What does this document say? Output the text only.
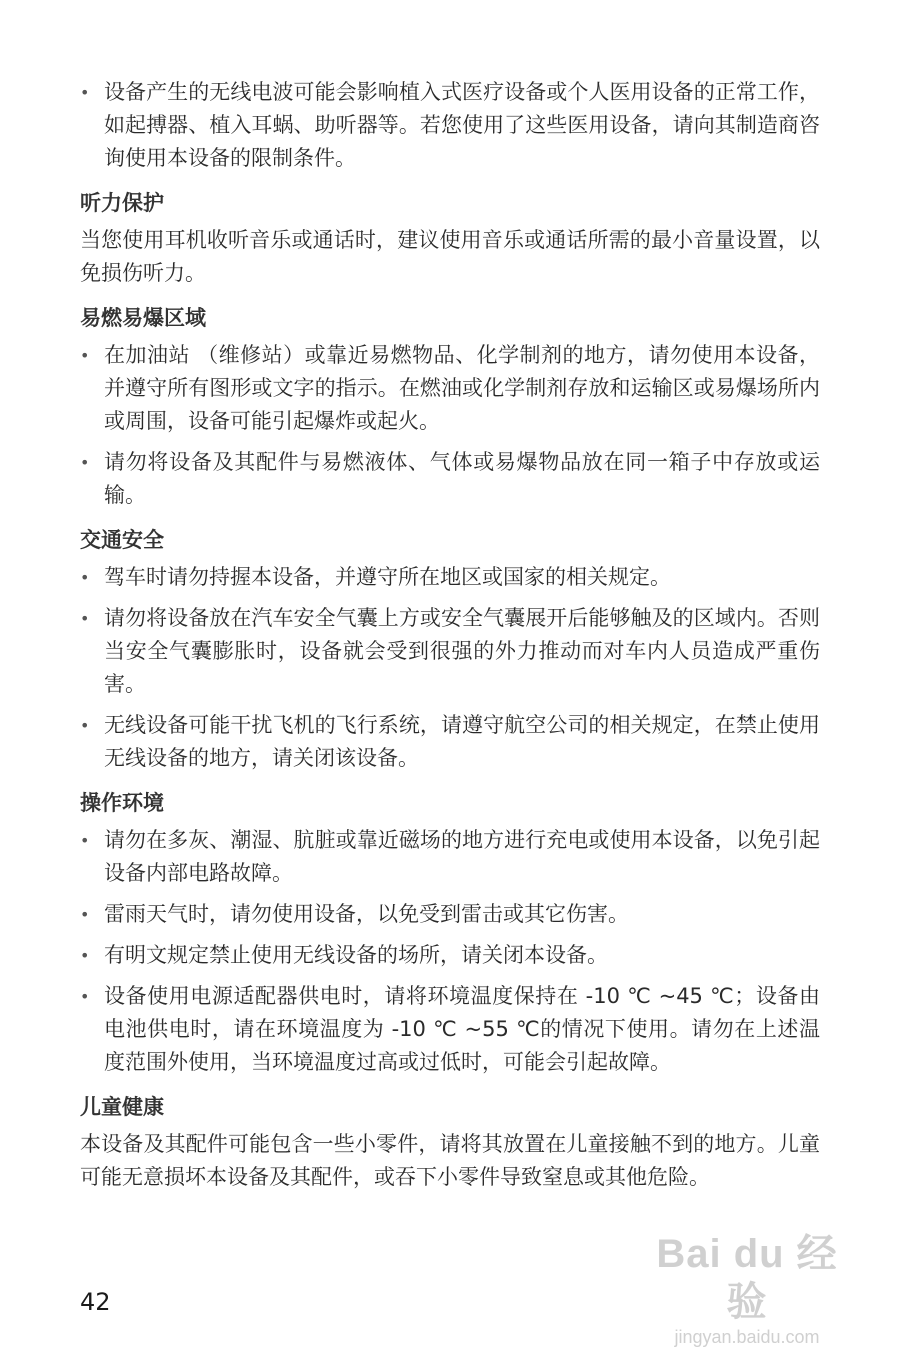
• 设备产生的无线电波可能会影响植入式医疗设备或个人医用设备的正常工作，如起搏器、植入耳蜗、助听器等。若您使用了这些医用设备，请向其制造商咨询使用本设备的限制条件。
听力保护

当您使用耳机收听音乐或通话时，建议使用音乐或通话所需的最小音量设置，以免损伤听力。

易燃易爆区域
• 在加油站 （维修站）或靠近易燃物品、化学制剂的地方，请勿使用本设备，并遵守所有图形或文字的指示。在燃油或化学制剂存放和运输区或易爆场所内或周围，设备可能引起爆炸或起火。
• 请勿将设备及其配件与易燃液体、气体或易爆物品放在同一箱子中存放或运输。
交通安全
• 驾车时请勿持握本设备，并遵守所在地区或国家的相关规定。
• 请勿将设备放在汽车安全气囊上方或安全气囊展开后能够触及的区域内。否则当安全气囊膨胀时，设备就会受到很强的外力推动而对车内人员造成严重伤害。
• 无线设备可能干扰飞机的飞行系统，请遵守航空公司的相关规定，在禁止使用无线设备的地方，请关闭该设备。
操作环境
• 请勿在多灰、潮湿、肮脏或靠近磁场的地方进行充电或使用本设备，以免引起设备内部电路故障。
• 雷雨天气时，请勿使用设备，以免受到雷击或其它伤害。
• 有明文规定禁止使用无线设备的场所，请关闭本设备。
• 设备使用电源适配器供电时，请将环境温度保持在 -10 ℃ ~45 ℃；设备由电池供电时，请在环境温度为 -10 ℃ ~55 ℃的情况下使用。请勿在上述温度范围外使用，当环境温度过高或过低时，可能会引起故障。
儿童健康

本设备及其配件可能包含一些小零件，请将其放置在儿童接触不到的地方。儿童可能无意损坏本设备及其配件，或吞下小零件导致窒息或其他危险。

42
Bai du 经验
jingyan.baidu.com
